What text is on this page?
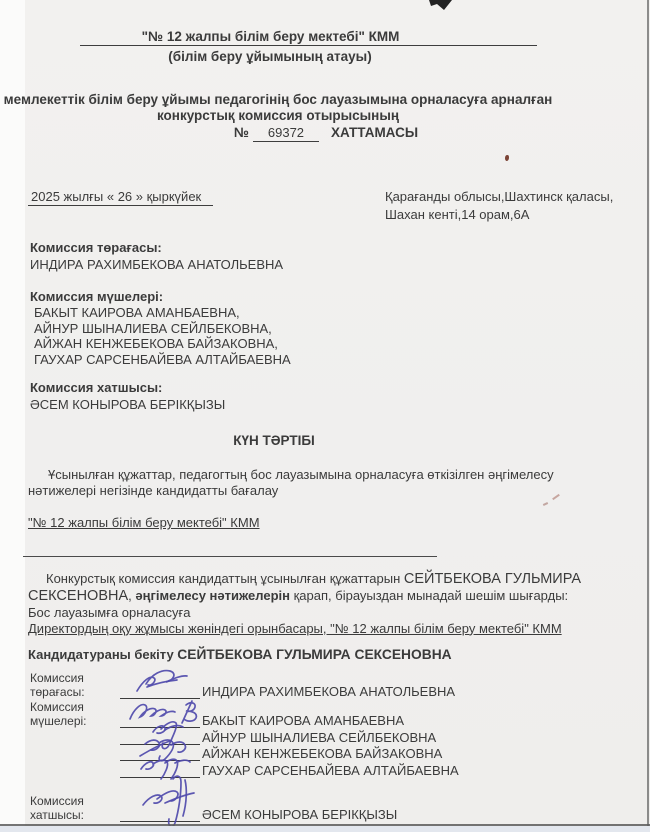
"№ 12 жалпы білім беру мектебі" КММ
(білім беру ұйымының атауы)
мемлекеттік білім беру ұйымы педагогінің бос лауазымына орналасуға арналған
конкурстық комиссия отырысының
№ 69372 ХАТТАМАСЫ
2025 жылғы « 26 » қыркүйек	Қарағанды облысы,Шахтинск қаласы,
Шахан кенті,14 орам,6А
Комиссия төрағасы:
ИНДИРА РАХИМБЕКОВА АНАТОЛЬЕВНА
Комиссия мүшелері:
БАКЫТ КАИРОВА АМАНБАЕВНА,
АЙНУР ШЫНАЛИЕВА СЕЙЛБЕКОВНА,
АЙЖАН КЕНЖЕБЕКОВА БАЙЗАКОВНА,
ГАУХАР САРСЕНБАЙЕВА АЛТАЙБАЕВНА
Комиссия хатшысы:
ӘСЕМ КОНЫРОВА БЕРІКҚЫЗЫ
КҮН ТӘРТІБІ
Ұсынылған құжаттар, педагогтың бос лауазымына орналасуға өткізілген әңгімелесу нәтижелері негізінде кандидатты бағалау
"№ 12 жалпы білім беру мектебі" КММ
Конкурстық комиссия кандидаттың ұсынылған құжаттарын СЕЙТБЕКОВА ГУЛЬМИРА СЕКСЕНОВНА, әңгімелесу нәтижелерін қарап, бірауыздан мынадай шешім шығарды:
Бос лауазымға орналасуға
Директордың оқу жұмысы жөніндегі орынбасары, "№ 12 жалпы білім беру мектебі" КММ
Кандидатураны бекіту СЕЙТБЕКОВА ГУЛЬМИРА СЕКСЕНОВНА
Комиссия төрағасы:	ИНДИРА РАХИМБЕКОВА АНАТОЛЬЕВНА
Комиссия мүшелері:	БАКЫТ КАИРОВА АМАНБАЕВНА
АЙНУР ШЫНАЛИЕВА СЕЙЛБЕКОВНА
АЙЖАН КЕНЖЕБЕКОВА БАЙЗАКОВНА
ГАУХАР САРСЕНБАЙЕВА АЛТАЙБАЕВНА
Комиссия хатшысы:	ӘСЕМ КОНЫРОВА БЕРІКҚЫЗЫ
